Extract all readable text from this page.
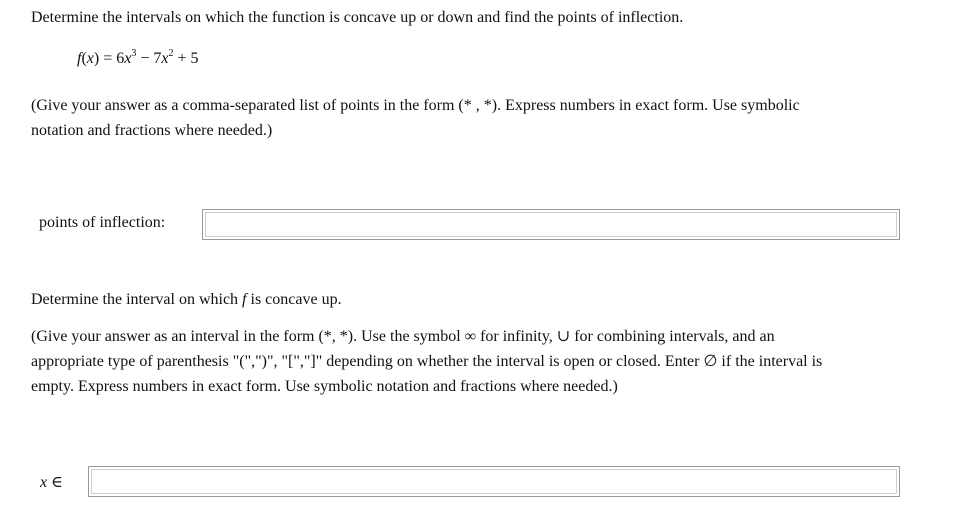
Determine the intervals on which the function is concave up or down and find the points of inflection.
$f(x) = 6x^3 - 7x^2 + 5$
(Give your answer as a comma-separated list of points in the form (* , *). Express numbers in exact form. Use symbolic
notation and fractions where needed.)
points of inflection:
Determine the interval on which f is concave up.
(Give your answer as an interval in the form (*, *). Use the symbol ∞ for infinity, ∪ for combining intervals, and an
appropriate type of parenthesis "(",")", "[","]" depending on whether the interval is open or closed. Enter ∅ if the interval is
empty. Express numbers in exact form. Use symbolic notation and fractions where needed.)
x ∈
